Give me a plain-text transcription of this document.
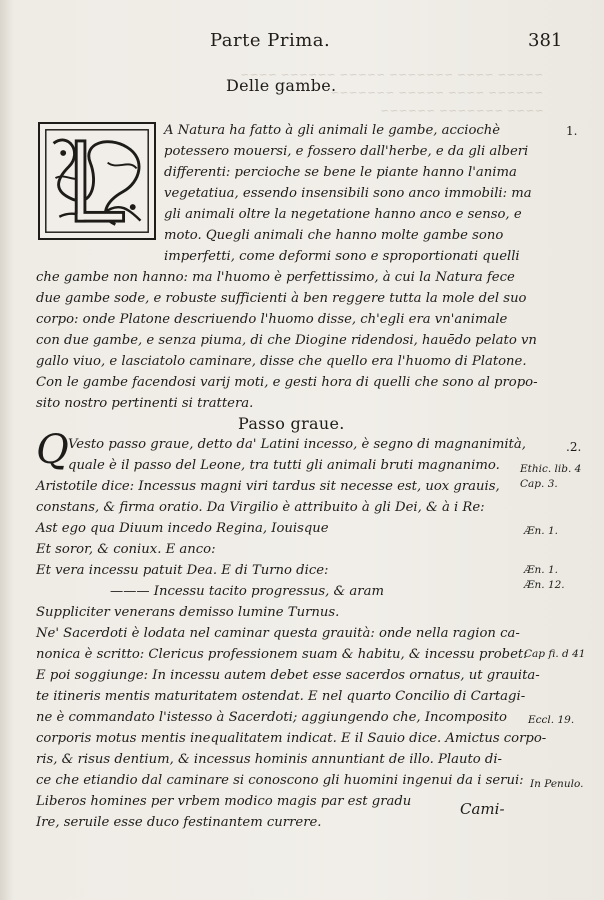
~~~~~ ~~~~ ~~~~~~~ ~~~~~ ~~~~~~ ~~~~
~~~~~~ ~~~~ ~~~~~ ~~~~~~~
~~~~ ~~~~~~~ ~~~~~~
Parte Prima.	381
Delle gambe.
L	A Natura ha fatto à gli animali le gambe, acciochè
potessero mouersi, e fossero dall'herbe, e da gli alberi
differenti: percioche se bene le piante hanno l'anima
vegetatiua, essendo insensibili sono anco immobili: ma
gli animali oltre la negetatione hanno anco e senso, e
moto. Quegli animali che hanno molte gambe sono
imperfetti, come deformi sono e sproportionati quelli
che gambe non hanno: ma l'huomo è perfettissimo, à cui la Natura fece
due gambe sode, e robuste sufficienti à ben reggere tutta la mole del suo
corpo: onde Platone descriuendo l'huomo disse, ch'egli era vn'animale
con due gambe, e senza piuma, di che Diogine ridendosi, hauēdo pelato vn
gallo viuo, e lasciatolo caminare, disse che quello era l'huomo di Platone.
Con le gambe facendosi varij moti, e gesti hora di quelli che sono al propo-
sito nostro pertinenti si trattera.
Passo graue.
Q Vesto passo graue, detto da' Latini incesso, è segno di magnanimità,
quale è il passo del Leone, tra tutti gli animali bruti magnanimo.
Aristotile dice: Incessus magni viri tardus sit necesse est, uox grauis,
constans, & firma oratio. Da Virgilio è attribuito à gli Dei, & à i Re:
Ast ego qua Diuum incedo Regina, Iouisque
Et soror, & coniux. E anco:
Et vera incessu patuit Dea. E di Turno dice:
——— Incessu tacito progressus, & aram
Suppliciter venerans demisso lumine Turnus.
Ne' Sacerdoti è lodata nel caminar questa grauità: onde nella ragion ca-
nonica è scritto: Clericus professionem suam & habitu, & incessu probet:
E poi soggiunge: In incessu autem debet esse sacerdos ornatus, ut grauita-
te itineris mentis maturitatem ostendat. E nel quarto Concilio di Cartagi-
ne è commandato l'istesso à Sacerdoti; aggiungendo che, Incomposito
corporis motus mentis inequalitatem indicat. E il Sauio dice. Amictus corpo-
ris, & risus dentium, & incessus hominis annuntiant de illo. Plauto di-
ce che etiandio dal caminare si conoscono gli huomini ingenui da i serui:
Liberos homines per vrbem modico magis par est gradu
Ire, seruile esse duco festinantem currere.
1.
.2.
Ethic. lib. 4
Cap. 3.
Æn. 1.
Æn. 1.
Æn. 12.
Cap fi. d 41
Eccl. 19.
In Penulo.
Cami-
